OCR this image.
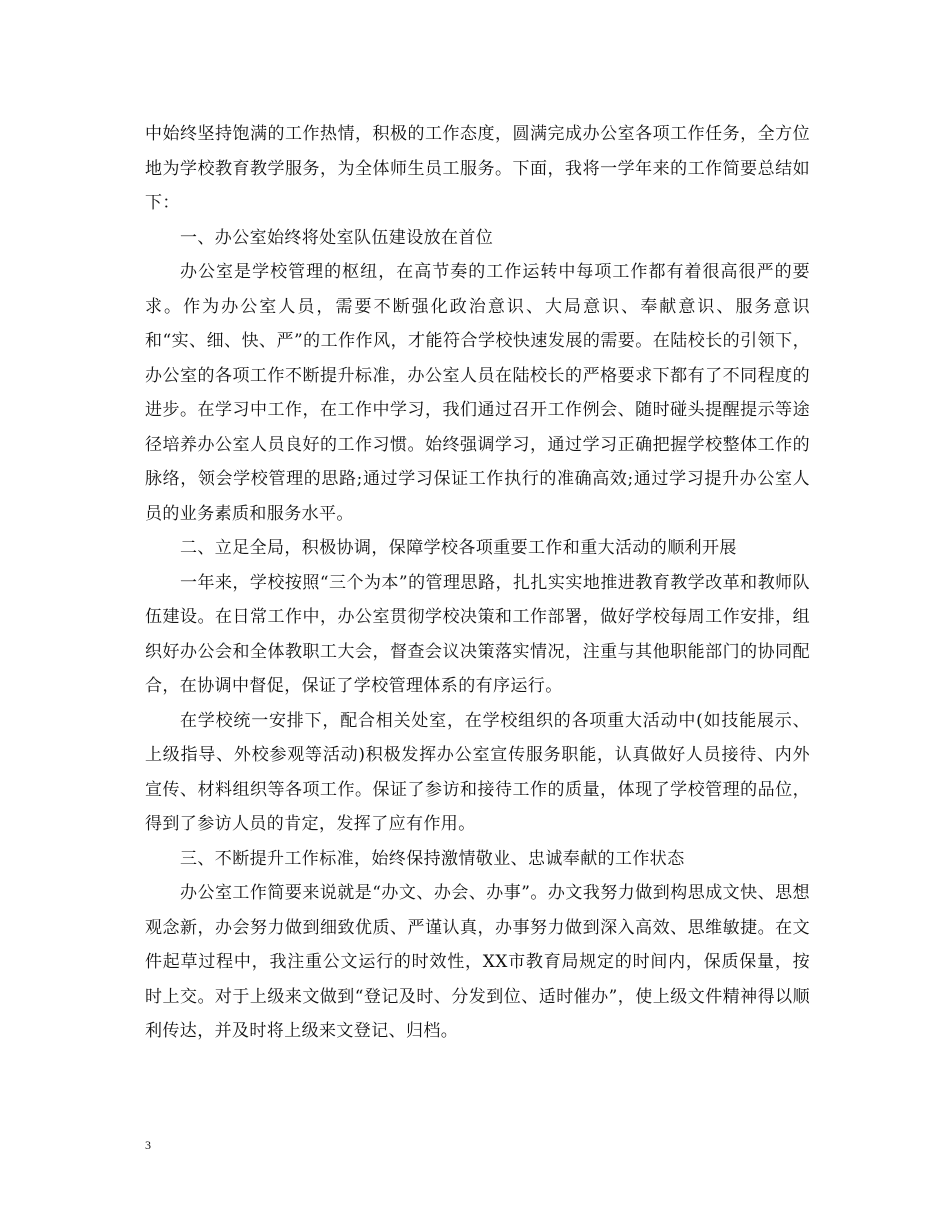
中始终坚持饱满的工作热情，积极的工作态度，圆满完成办公室各项工作任务，全方位地为学校教育教学服务，为全体师生员工服务。下面，我将一学年来的工作简要总结如下：

一、办公室始终将处室队伍建设放在首位

办公室是学校管理的枢纽，在高节奏的工作运转中每项工作都有着很高很严的要求。作为办公室人员，需要不断强化政治意识、大局意识、奉献意识、服务意识和“实、细、快、严”的工作作风，才能符合学校快速发展的需要。在陆校长的引领下，办公室的各项工作不断提升标准，办公室人员在陆校长的严格要求下都有了不同程度的进步。在学习中工作，在工作中学习，我们通过召开工作例会、随时碰头提醒提示等途径培养办公室人员良好的工作习惯。始终强调学习，通过学习正确把握学校整体工作的脉络，领会学校管理的思路;通过学习保证工作执行的准确高效;通过学习提升办公室人员的业务素质和服务水平。

二、立足全局，积极协调，保障学校各项重要工作和重大活动的顺利开展

一年来，学校按照“三个为本”的管理思路，扎扎实实地推进教育教学改革和教师队伍建设。在日常工作中，办公室贯彻学校决策和工作部署，做好学校每周工作安排，组织好办公会和全体教职工大会，督查会议决策落实情况，注重与其他职能部门的协同配合，在协调中督促，保证了学校管理体系的有序运行。

在学校统一安排下，配合相关处室，在学校组织的各项重大活动中(如技能展示、上级指导、外校参观等活动)积极发挥办公室宣传服务职能，认真做好人员接待、内外宣传、材料组织等各项工作。保证了参访和接待工作的质量，体现了学校管理的品位，得到了参访人员的肯定，发挥了应有作用。

三、不断提升工作标准，始终保持激情敬业、忠诚奉献的工作状态

办公室工作简要来说就是“办文、办会、办事”。办文我努力做到构思成文快、思想观念新，办会努力做到细致优质、严谨认真，办事努力做到深入高效、思维敏捷。在文件起草过程中，我注重公文运行的时效性，XX市教育局规定的时间内，保质保量，按时上交。对于上级来文做到“登记及时、分发到位、适时催办”，使上级文件精神得以顺利传达，并及时将上级来文登记、归档。

3
